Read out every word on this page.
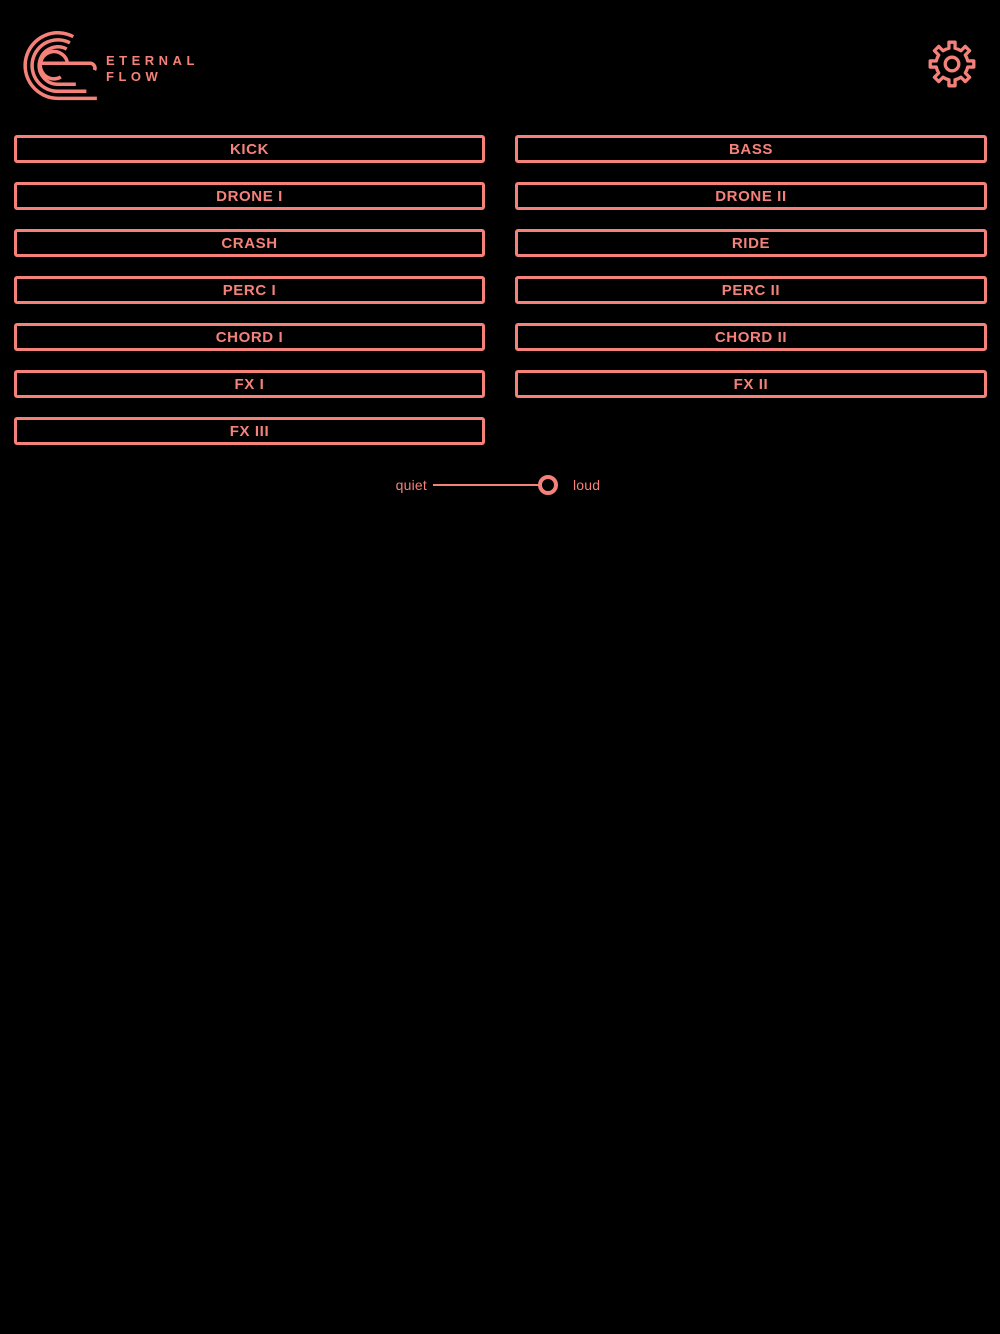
ETERNAL
FLOW
KICK
DRONE I
CRASH
PERC I
CHORD I
FX I
FX III
BASS
DRONE II
RIDE
PERC II
CHORD II
FX II
quiet	loud
